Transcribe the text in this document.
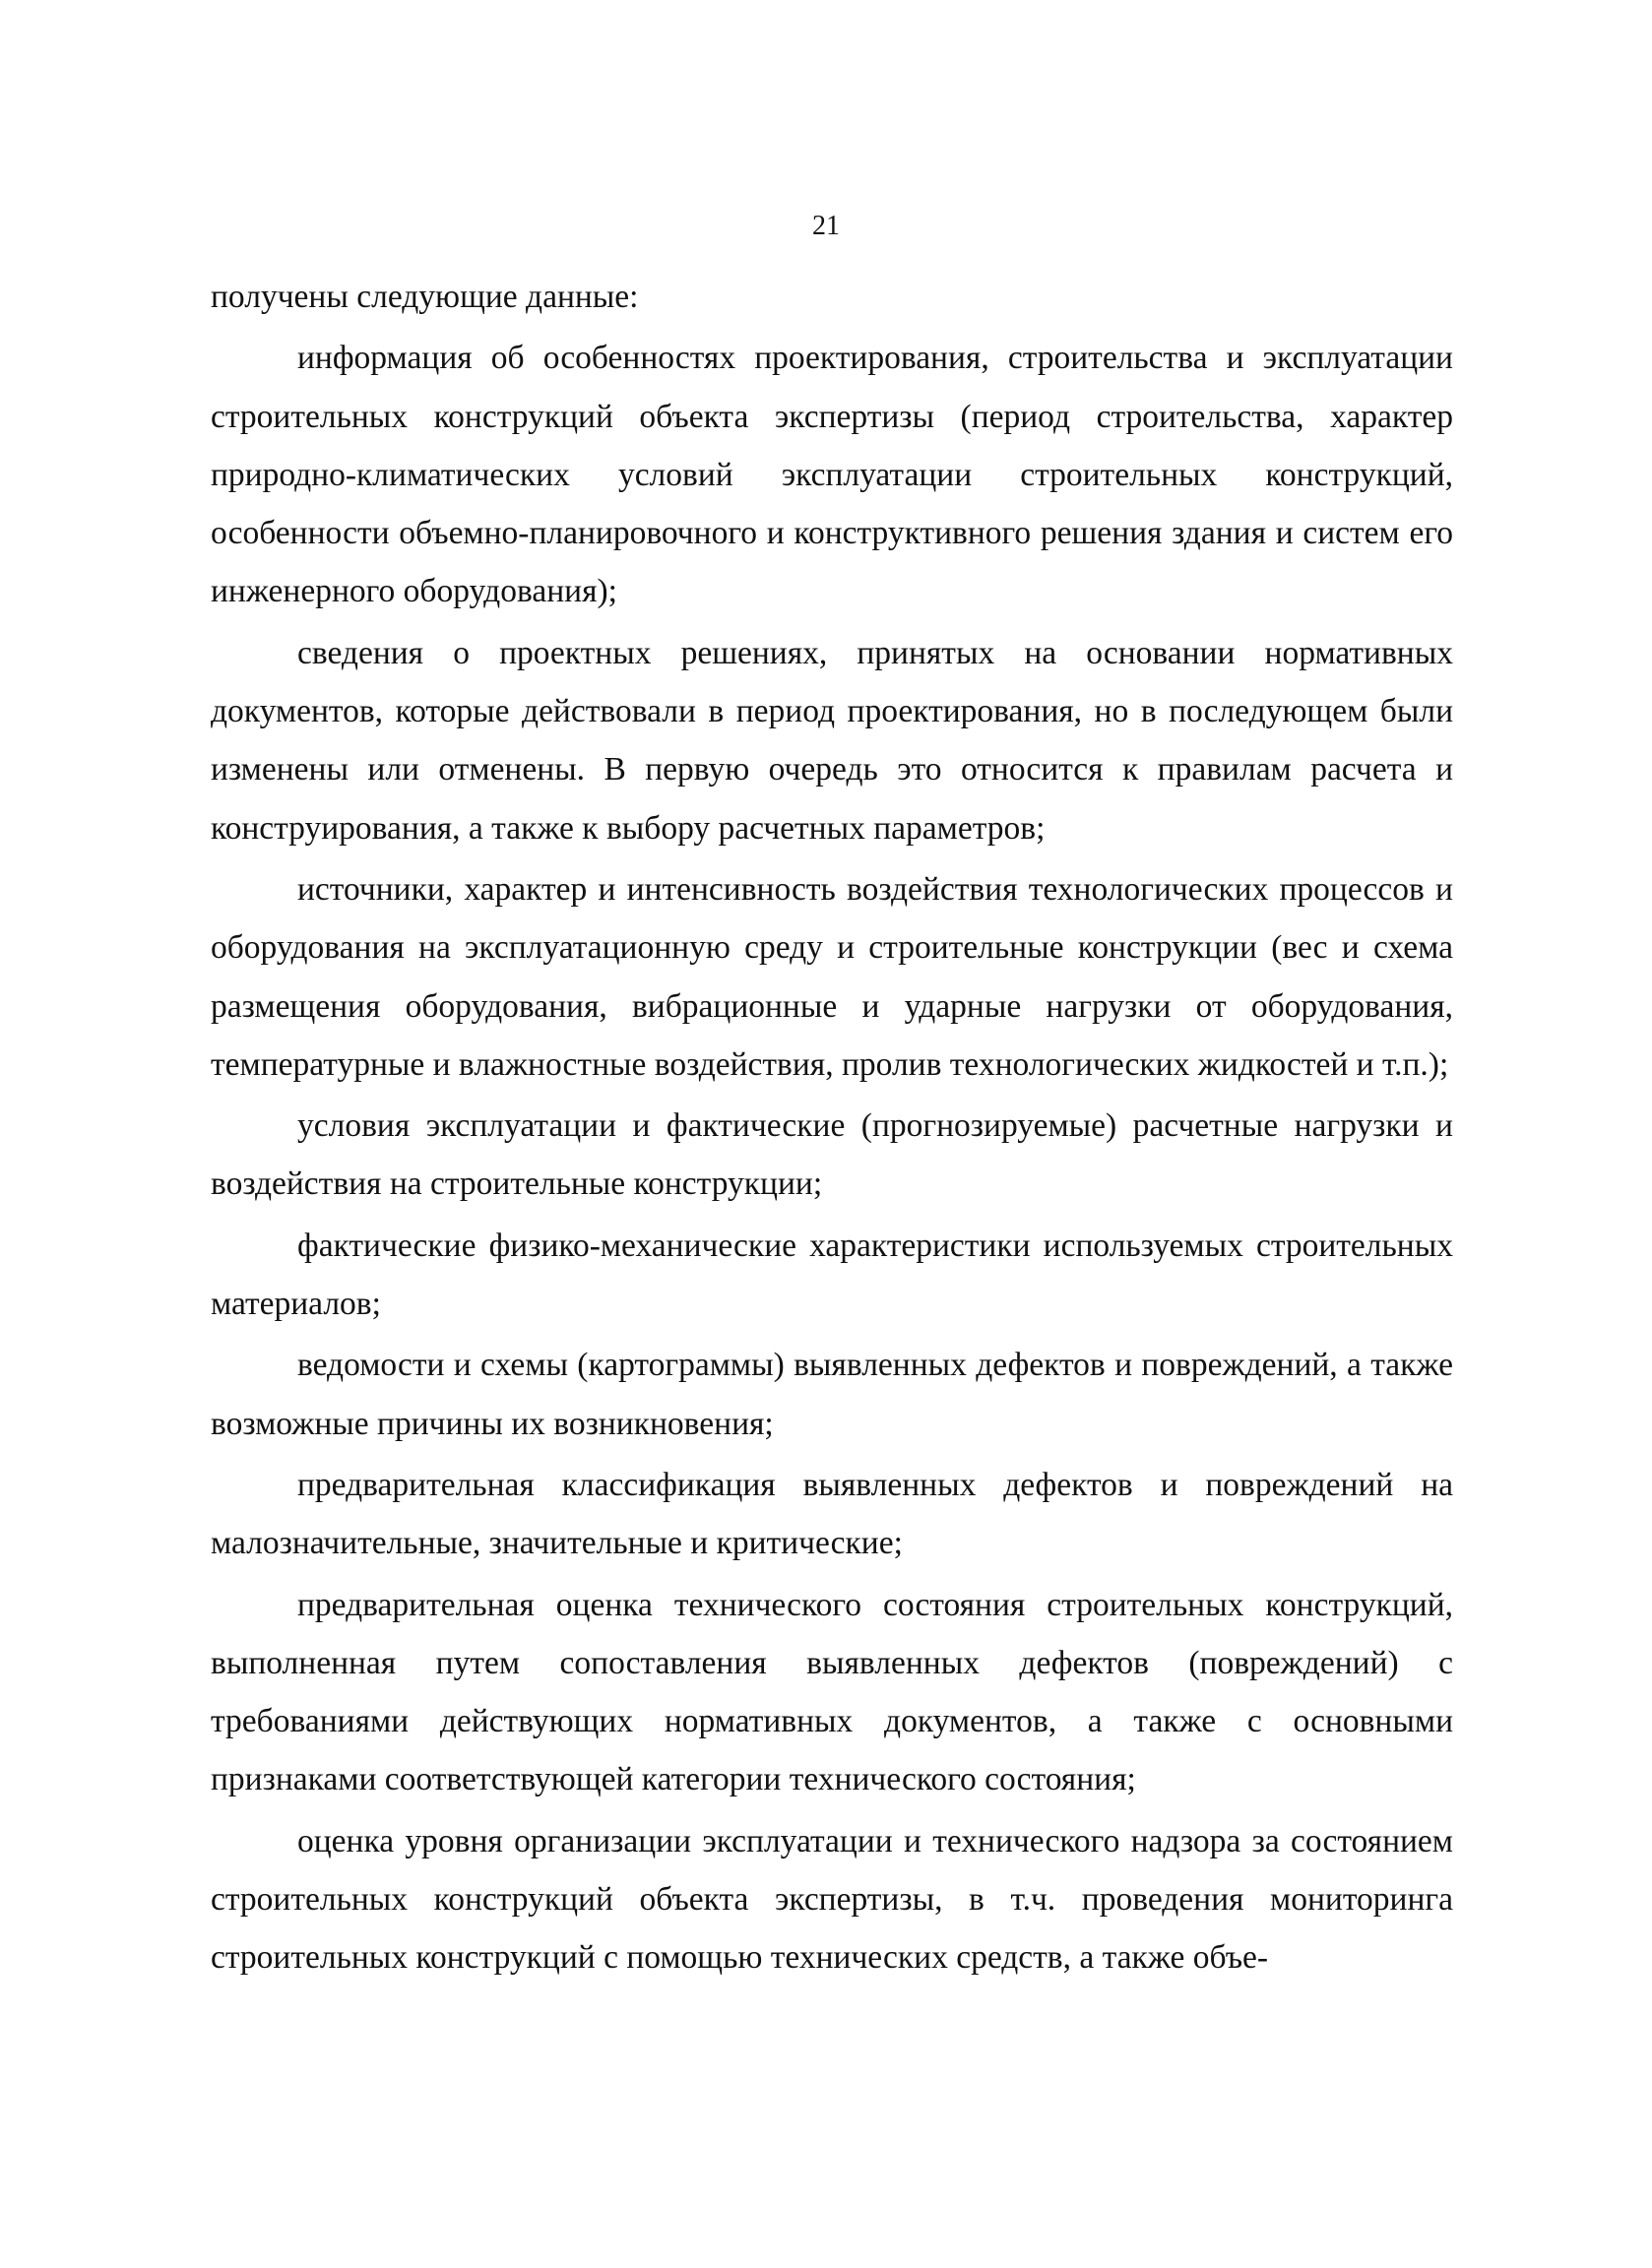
21

получены следующие данные:

информация об особенностях проектирования, строительства и эксплуатации строительных конструкций объекта экспертизы (период строительства, характер природно-климатических условий эксплуатации строительных конструкций, особенности объемно-планировочного и конструктивного решения здания и систем его инженерного оборудования);

сведения о проектных решениях, принятых на основании нормативных документов, которые действовали в период проектирования, но в последующем были изменены или отменены. В первую очередь это относится к правилам расчета и конструирования, а также к выбору расчетных параметров;

источники, характер и интенсивность воздействия технологических процессов и оборудования на эксплуатационную среду и строительные конструкции (вес и схема размещения оборудования, вибрационные и ударные нагрузки от оборудования, температурные и влажностные воздействия, пролив технологических жидкостей и т.п.);

условия эксплуатации и фактические (прогнозируемые) расчетные нагрузки и воздействия на строительные конструкции;

фактические физико-механические характеристики используемых строительных материалов;

ведомости и схемы (картограммы) выявленных дефектов и повреждений, а также возможные причины их возникновения;

предварительная классификация выявленных дефектов и повреждений на малозначительные, значительные и критические;

предварительная оценка технического состояния строительных конструкций, выполненная путем сопоставления выявленных дефектов (повреждений) с требованиями действующих нормативных документов, а также с основными признаками соответствующей категории технического состояния;

оценка уровня организации эксплуатации и технического надзора за состоянием строительных конструкций объекта экспертизы, в т.ч. проведения мониторинга строительных конструкций с помощью технических средств, а также объе-
